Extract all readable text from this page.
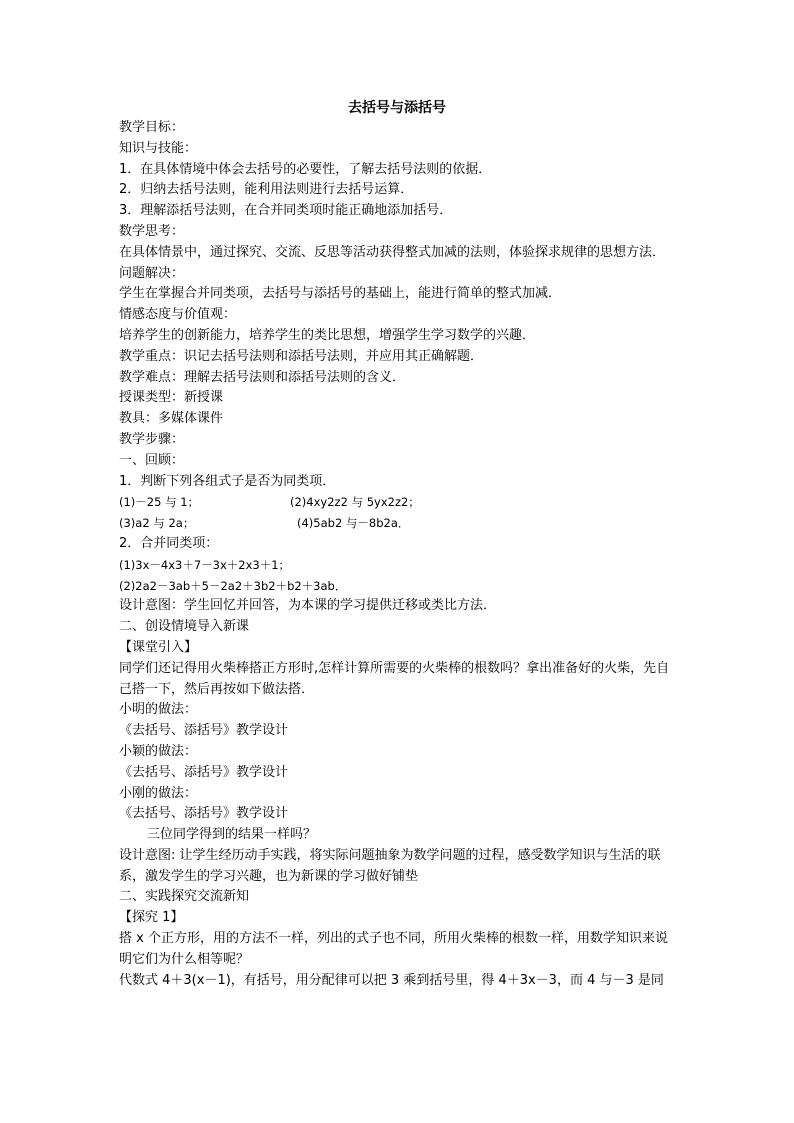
去括号与添括号
教学目标：
知识与技能：
1．在具体情境中体会去括号的必要性，了解去括号法则的依据．
2．归纳去括号法则，能利用法则进行去括号运算．
3．理解添括号法则，在合并同类项时能正确地添加括号．
数学思考：
在具体情景中，通过探究、交流、反思等活动获得整式加减的法则，体验探求规律的思想方法．
问题解决：
学生在掌握合并同类项，去括号与添括号的基础上，能进行简单的整式加减．
情感态度与价值观：
培养学生的创新能力，培养学生的类比思想，增强学生学习数学的兴趣．
教学重点：识记去括号法则和添括号法则，并应用其正确解题．
教学难点：理解去括号法则和添括号法则的含义．
授课类型：新授课
教具：多媒体课件
教学步骤：
一、回顾：
1．判断下列各组式子是否为同类项．
(1)－25 与 1；	(2)4xy2z2 与 5yx2z2；
(3)a2 与 2a；	(4)5ab2 与－8b2a．
2．合并同类项：
(1)3x－4x3＋7－3x＋2x3＋1；
(2)2a2－3ab＋5－2a2＋3b2＋b2＋3ab．
设计意图：学生回忆并回答，为本课的学习提供迁移或类比方法．
二、创设情境导入新课
【课堂引入】
同学们还记得用火柴棒搭正方形时,怎样计算所需要的火柴棒的根数吗？拿出准备好的火柴，先自己搭一下，然后再按如下做法搭．
小明的做法：
《去括号、添括号》教学设计
小颖的做法：
《去括号、添括号》教学设计
小刚的做法：
《去括号、添括号》教学设计
三位同学得到的结果一样吗？
设计意图: 让学生经历动手实践，将实际问题抽象为数学问题的过程，感受数学知识与生活的联系，激发学生的学习兴趣，也为新课的学习做好铺垫
二、实践探究交流新知
【探究 1】
搭 x 个正方形，用的方法不一样，列出的式子也不同，所用火柴棒的根数一样，用数学知识来说明它们为什么相等呢？
代数式 4＋3(x－1)，有括号，用分配律可以把 3 乘到括号里，得 4＋3x－3，而 4 与－3 是同
